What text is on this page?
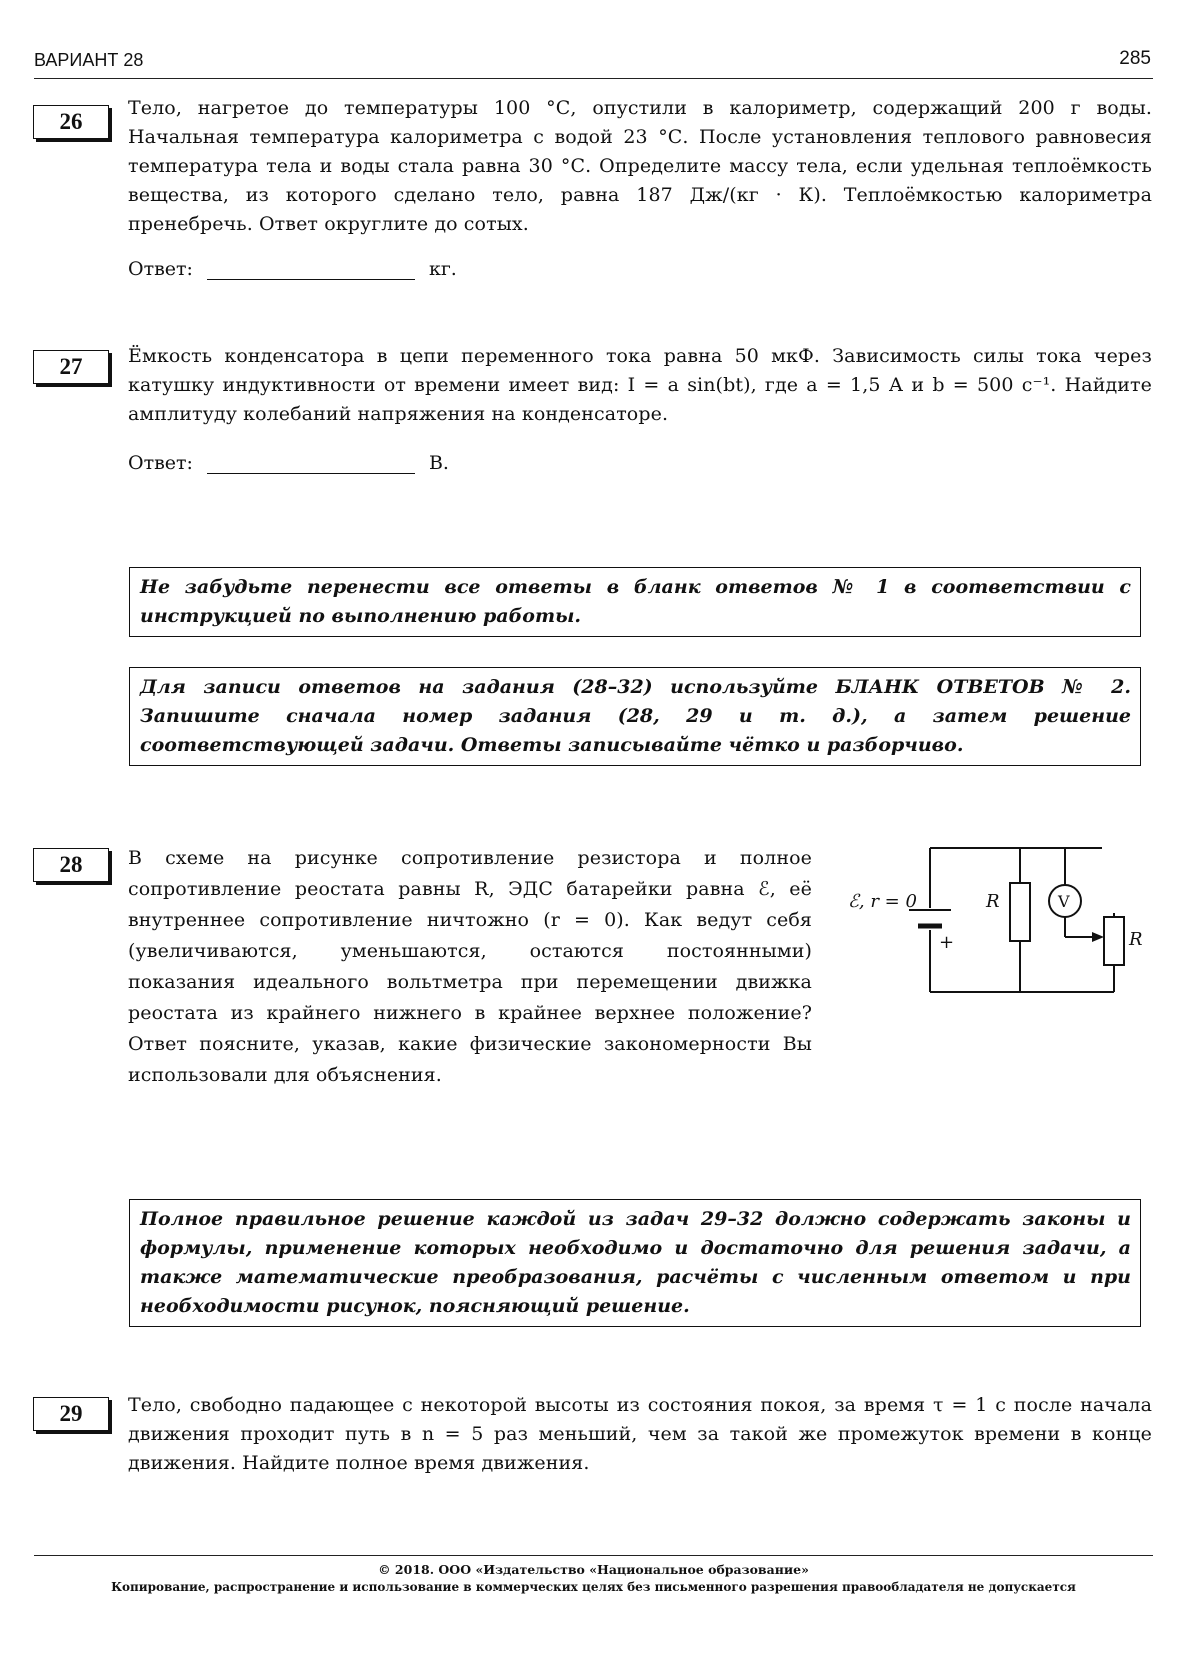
ВАРИАНТ 28	285
26
Тело, нагретое до температуры 100 °С, опустили в калориметр, содержащий 200 г воды. Начальная температура калориметра с водой 23 °С. После установления теплового равновесия температура тела и воды стала равна 30 °С. Определите массу тела, если удельная теплоёмкость вещества, из которого сделано тело, равна 187 Дж/(кг · К). Теплоёмкостью калориметра пренебречь. Ответ округлите до сотых.
Ответ:	кг.
27	Ёмкость конденсатора в цепи переменного тока равна 50 мкФ. Зависимость силы тока через катушку индуктивности от времени имеет вид: I = a sin(bt), где a = 1,5 А и b = 500 с⁻¹. Найдите амплитуду колебаний напряжения на конденсаторе.
Ответ:	В.
Не забудьте перенести все ответы в бланк ответов № 1 в соответствии с инструкцией по выполнению работы.
Для записи ответов на задания (28–32) используйте БЛАНК ОТВЕТОВ № 2. Запишите сначала номер задания (28, 29 и т. д.), а затем решение соответствующей задачи. Ответы записывайте чётко и разборчиво.
28	В схеме на рисунке сопротивление резистора и полное сопротивление реостата равны R, ЭДС батарейки равна ℰ, её внутреннее сопротивление ничтожно (r = 0). Как ведут себя (увеличиваются, уменьшаются, остаются постоянными) показания идеального вольтметра при перемещении движка реостата из крайнего нижнего в крайнее верхнее положение? Ответ поясните, указав, какие физические закономерности Вы использовали для объяснения.
ℰ, r = 0
+
R	V
R
Полное правильное решение каждой из задач 29–32 должно содержать законы и формулы, применение которых необходимо и достаточно для решения задачи, а также математические преобразования, расчёты с численным ответом и при необходимости рисунок, поясняющий решение.
29	Тело, свободно падающее с некоторой высоты из состояния покоя, за время τ = 1 с после начала движения проходит путь в n = 5 раз меньший, чем за такой же промежуток времени в конце движения. Найдите полное время движения.
© 2018. ООО «Издательство «Национальное образование»
Копирование, распространение и использование в коммерческих целях без письменного разрешения правообладателя не допускается
